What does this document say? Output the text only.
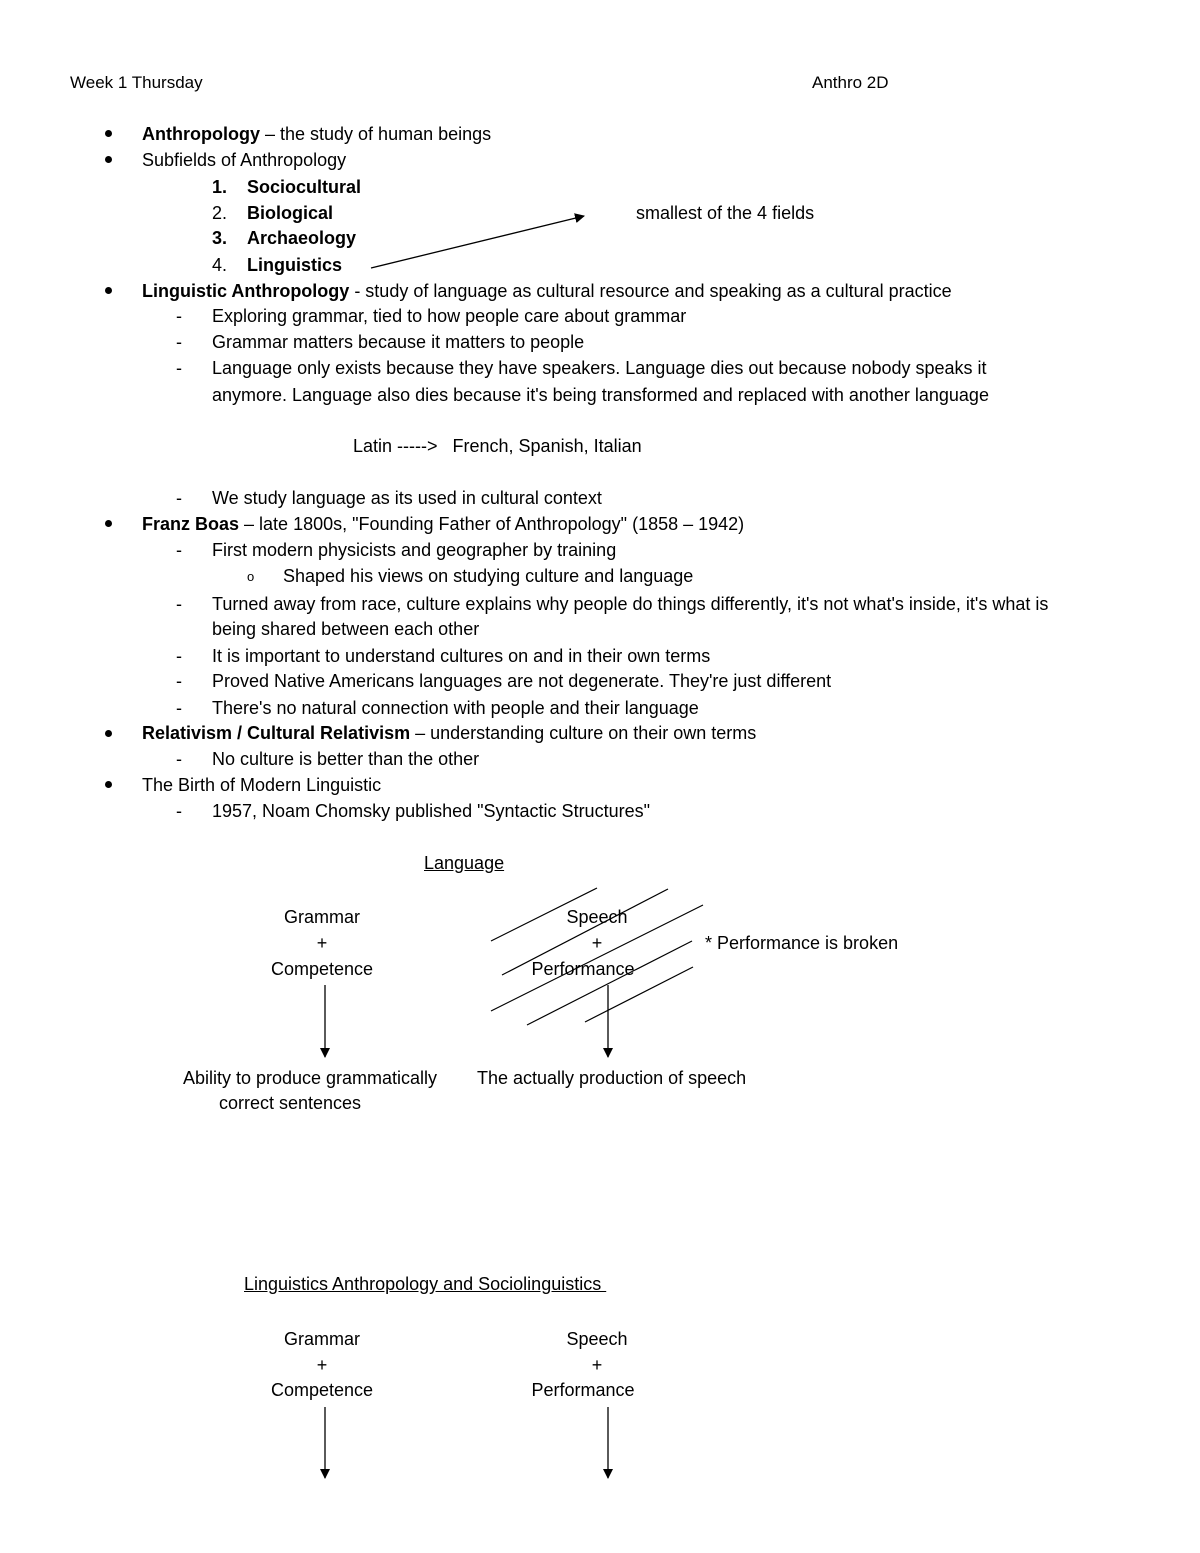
Week 1 Thursday	Anthro 2D
Anthropology – the study of human beings
Subfields of Anthropology
1. Sociocultural
2. Biological
3. Archaeology
4. Linguistics
smallest of the 4 fields
Linguistic Anthropology - study of language as cultural resource and speaking as a cultural practice
- Exploring grammar, tied to how people care about grammar
- Grammar matters because it matters to people
- Language only exists because they have speakers. Language dies out because nobody speaks it
anymore. Language also dies because it's being transformed and replaced with another language
Latin ----->   French, Spanish, Italian
- We study language as its used in cultural context
Franz Boas – late 1800s, "Founding Father of Anthropology" (1858 – 1942)
- First modern physicists and geographer by training
o Shaped his views on studying culture and language
- Turned away from race, culture explains why people do things differently, it's not what's inside, it's what is
being shared between each other
- It is important to understand cultures on and in their own terms
- Proved Native Americans languages are not degenerate. They're just different
- There's no natural connection with people and their language
Relativism / Cultural Relativism – understanding culture on their own terms
- No culture is better than the other
The Birth of Modern Linguistic
- 1957, Noam Chomsky published "Syntactic Structures"
Language
Grammar
+
Competence
Speech
+
Performance
* Performance is broken
Ability to produce grammatically
correct sentences
The actually production of speech
Linguistics Anthropology and Sociolinguistics
Grammar
+
Competence
Speech
+
Performance
